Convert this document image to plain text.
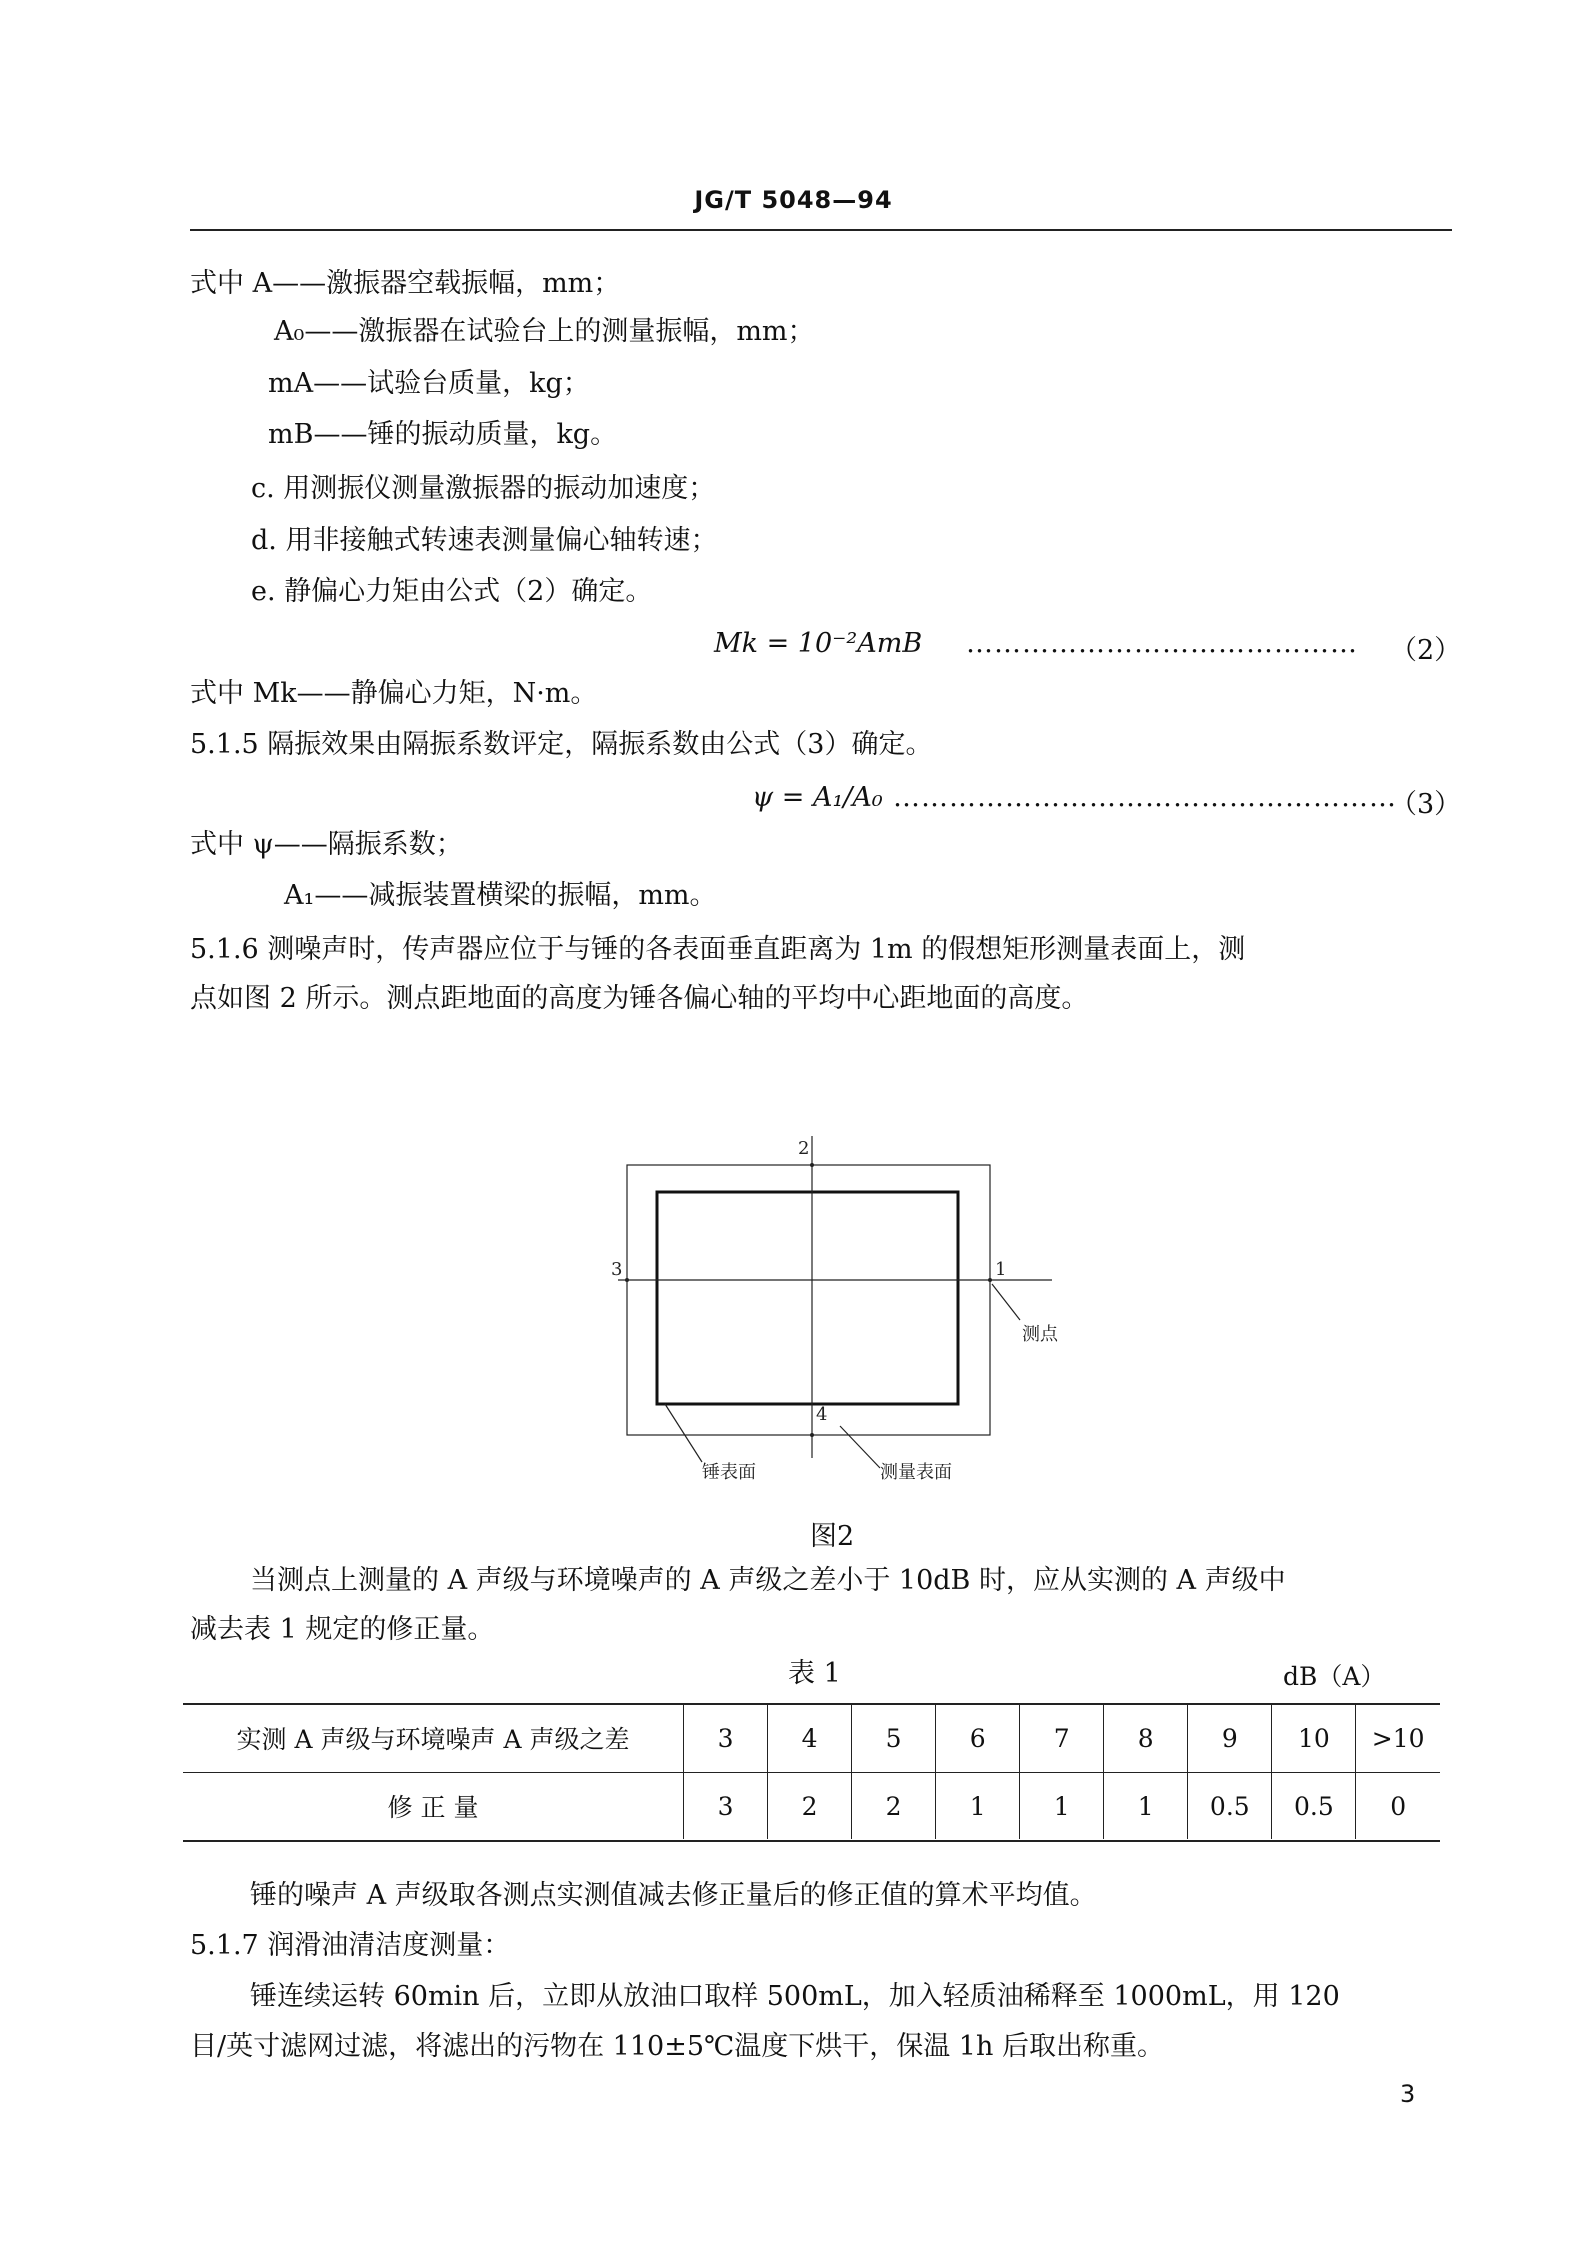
JG/T 5048—94
式中 A——激振器空载振幅，mm；
A₀——激振器在试验台上的测量振幅，mm；
mA——试验台质量，kg；
mB——锤的振动质量，kg。
c. 用测振仪测量激振器的振动加速度；
d. 用非接触式转速表测量偏心轴转速；
e. 静偏心力矩由公式（2）确定。
Mk = 10⁻²AmB …………………………………… （2）
式中 Mk——静偏心力矩，N·m。
5.1.5 隔振效果由隔振系数评定，隔振系数由公式（3）确定。
ψ = A₁/A₀ ………………………………………………
（3）
式中 ψ——隔振系数；
A₁——减振装置横梁的振幅，mm。
5.1.6 测噪声时，传声器应位于与锤的各表面垂直距离为 1m 的假想矩形测量表面上，测
点如图 2 所示。测点距地面的高度为锤各偏心轴的平均中心距地面的高度。
2
3	1
4
测点
锤表面	测量表面
图2
当测点上测量的 A 声级与环境噪声的 A 声级之差小于 10dB 时，应从实测的 A 声级中
减去表 1 规定的修正量。
表 1	dB（A）
实测 A 声级与环境噪声 A 声级之差	3	4	5	6	7	8	9	10	>10
修 正 量	3	2	2	1	1	1	0.5	0.5	0
锤的噪声 A 声级取各测点实测值减去修正量后的修正值的算术平均值。
5.1.7 润滑油清洁度测量：
锤连续运转 60min 后，立即从放油口取样 500mL，加入轻质油稀释至 1000mL，用 120
目/英寸滤网过滤，将滤出的污物在 110±5℃温度下烘干，保温 1h 后取出称重。
3
